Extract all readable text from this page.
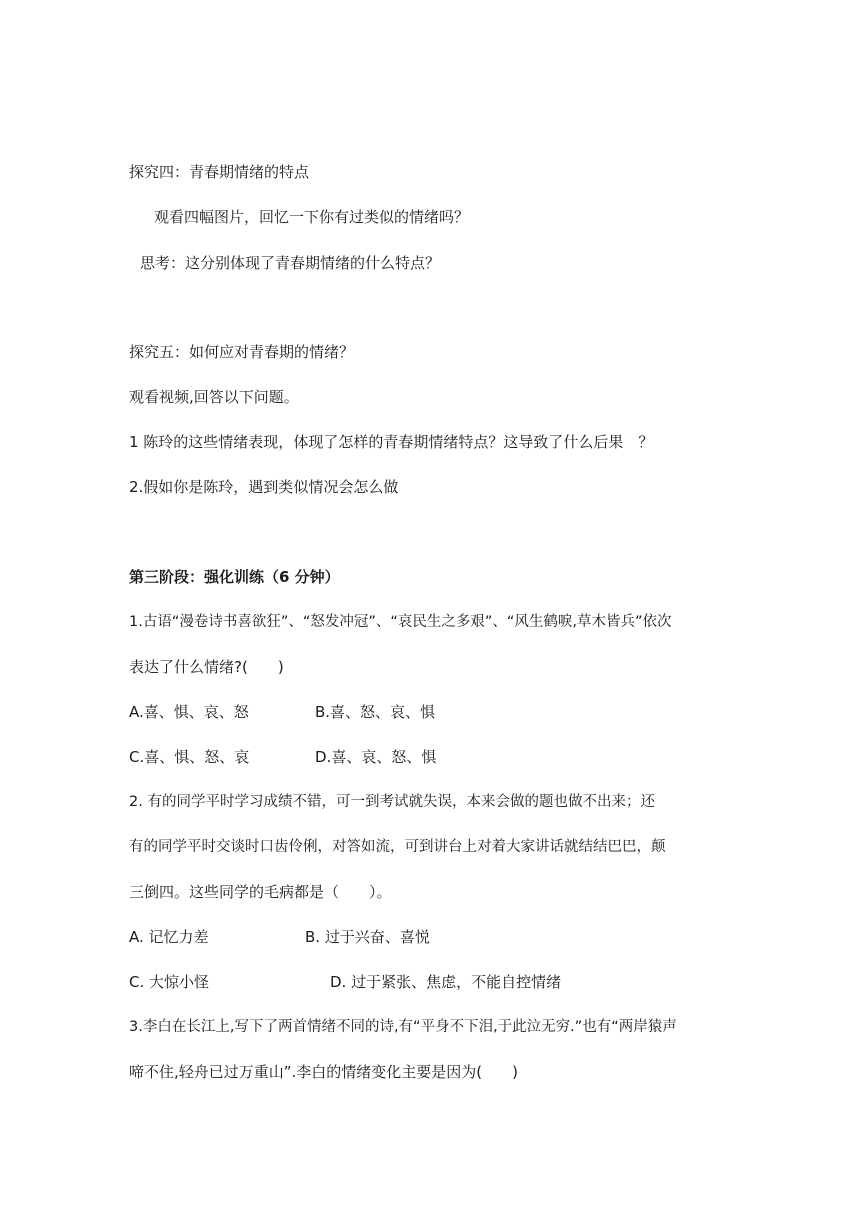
探究四：青春期情绪的特点
观看四幅图片，回忆一下你有过类似的情绪吗？
思考：这分别体现了青春期情绪的什么特点？
探究五：如何应对青春期的情绪？
观看视频,回答以下问题。
1 陈玲的这些情绪表现，体现了怎样的青春期情绪特点？这导致了什么后果　？
2.假如你是陈玲，遇到类似情况会怎么做
第三阶段：强化训练（6 分钟）
1.古语“漫卷诗书喜欲狂”、“怒发冲冠”、“哀民生之多艰”、“风生鹤唳,草木皆兵”依次
表达了什么情绪?(　　)
A.喜、惧、哀、怒	B.喜、怒、哀、惧
C.喜、惧、怒、哀	D.喜、哀、怒、惧
2. 有的同学平时学习成绩不错，可一到考试就失误，本来会做的题也做不出来；还
有的同学平时交谈时口齿伶俐，对答如流，可到讲台上对着大家讲话就结结巴巴，颠
三倒四。这些同学的毛病都是（　　）。
A. 记忆力差	B. 过于兴奋、喜悦
C. 大惊小怪	D. 过于紧张、焦虑，不能自控情绪
3.李白在长江上,写下了两首情绪不同的诗,有“平身不下泪,于此泣无穷.”也有“两岸猿声
啼不住,轻舟已过万重山”.李白的情绪变化主要是因为(　　)
